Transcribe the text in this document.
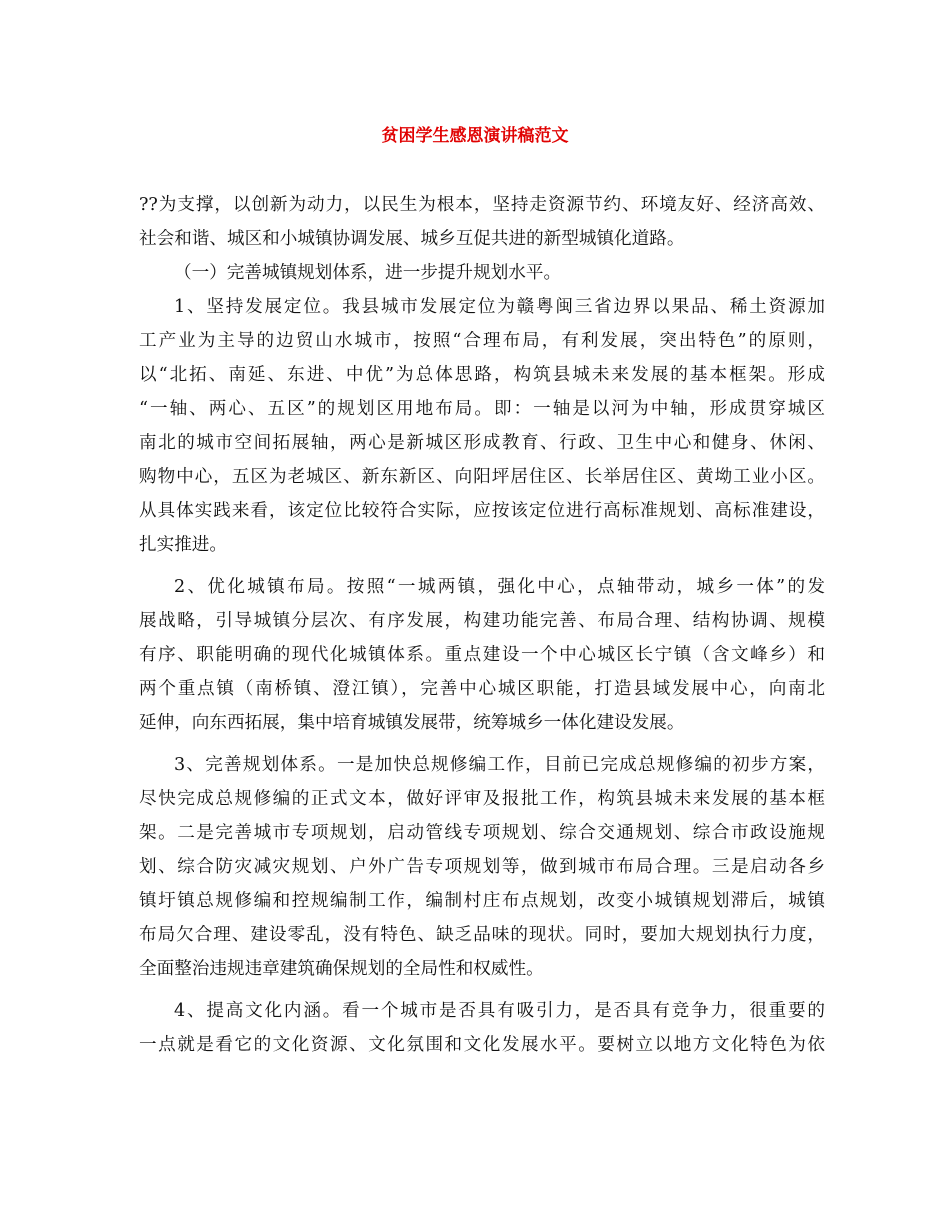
贫困学生感恩演讲稿范文
??为支撑，以创新为动力，以民生为根本，坚持走资源节约、环境友好、经济高效、
社会和谐、城区和小城镇协调发展、城乡互促共进的新型城镇化道路。
（一）完善城镇规划体系，进一步提升规划水平。
1、坚持发展定位。我县城市发展定位为赣粤闽三省边界以果品、稀土资源加
工产业为主导的边贸山水城市，按照“合理布局，有利发展，突出特色”的原则，
以“北拓、南延、东进、中优”为总体思路，构筑县城未来发展的基本框架。形成
“一轴、两心、五区”的规划区用地布局。即：一轴是以河为中轴，形成贯穿城区
南北的城市空间拓展轴，两心是新城区形成教育、行政、卫生中心和健身、休闲、
购物中心，五区为老城区、新东新区、向阳坪居住区、长举居住区、黄坳工业小区。
从具体实践来看，该定位比较符合实际，应按该定位进行高标准规划、高标准建设，
扎实推进。
2、优化城镇布局。按照“一城两镇，强化中心，点轴带动，城乡一体”的发
展战略，引导城镇分层次、有序发展，构建功能完善、布局合理、结构协调、规模
有序、职能明确的现代化城镇体系。重点建设一个中心城区长宁镇（含文峰乡）和
两个重点镇（南桥镇、澄江镇），完善中心城区职能，打造县域发展中心，向南北
延伸，向东西拓展，集中培育城镇发展带，统筹城乡一体化建设发展。
3、完善规划体系。一是加快总规修编工作，目前已完成总规修编的初步方案，
尽快完成总规修编的正式文本，做好评审及报批工作，构筑县城未来发展的基本框
架。二是完善城市专项规划，启动管线专项规划、综合交通规划、综合市政设施规
划、综合防灾减灾规划、户外广告专项规划等，做到城市布局合理。三是启动各乡
镇圩镇总规修编和控规编制工作，编制村庄布点规划，改变小城镇规划滞后，城镇
布局欠合理、建设零乱，没有特色、缺乏品味的现状。同时，要加大规划执行力度，
全面整治违规违章建筑确保规划的全局性和权威性。
4、提高文化内涵。看一个城市是否具有吸引力，是否具有竞争力，很重要的
一点就是看它的文化资源、文化氛围和文化发展水平。要树立以地方文化特色为依
